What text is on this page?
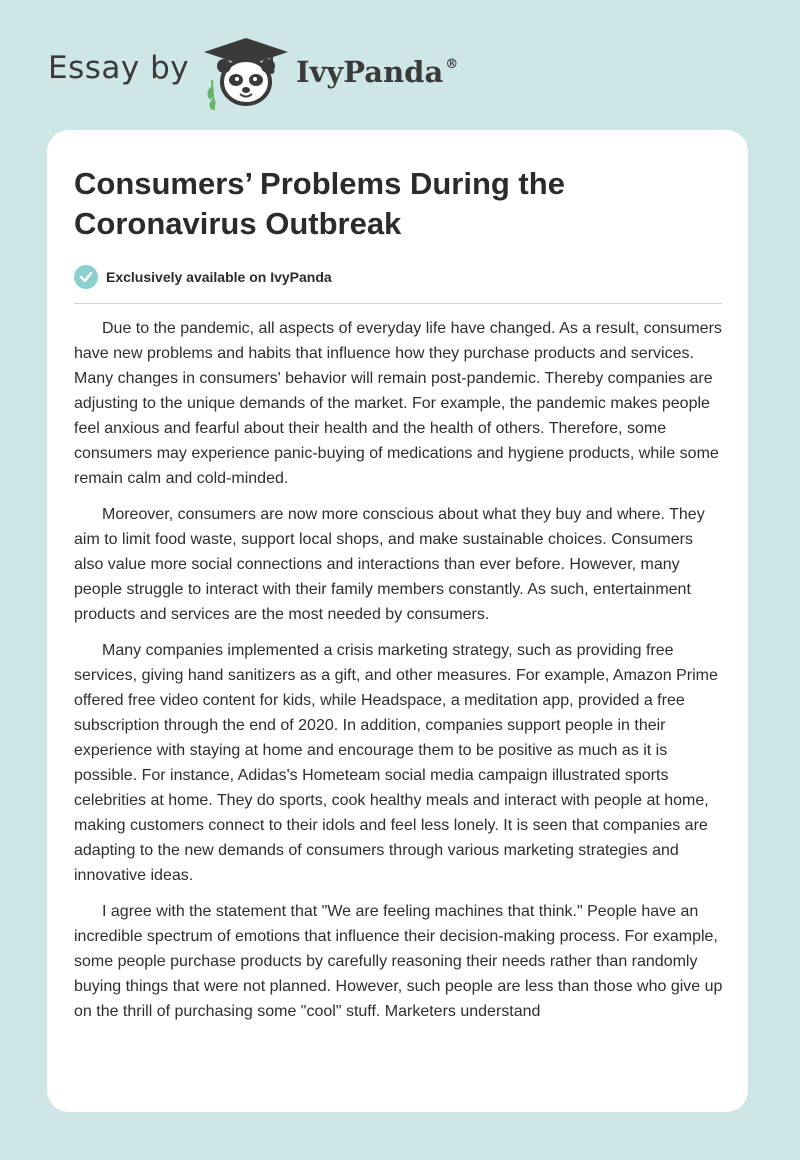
Essay by	IvyPanda ®
Consumers’ Problems During the Coronavirus Outbreak
Exclusively available on IvyPanda

Due to the pandemic, all aspects of everyday life have changed. As a result, consumers have new problems and habits that influence how they purchase products and services. Many changes in consumers' behavior will remain post-pandemic. Thereby companies are adjusting to the unique demands of the market. For example, the pandemic makes people feel anxious and fearful about their health and the health of others. Therefore, some consumers may experience panic-buying of medications and hygiene products, while some remain calm and cold-minded.

Moreover, consumers are now more conscious about what they buy and where. They aim to limit food waste, support local shops, and make sustainable choices. Consumers also value more social connections and interactions than ever before. However, many people struggle to interact with their family members constantly. As such, entertainment products and services are the most needed by consumers.

Many companies implemented a crisis marketing strategy, such as providing free services, giving hand sanitizers as a gift, and other measures. For example, Amazon Prime offered free video content for kids, while Headspace, a meditation app, provided a free subscription through the end of 2020. In addition, companies support people in their experience with staying at home and encourage them to be positive as much as it is possible. For instance, Adidas's Hometeam social media campaign illustrated sports celebrities at home. They do sports, cook healthy meals and interact with people at home, making customers connect to their idols and feel less lonely. It is seen that companies are adapting to the new demands of consumers through various marketing strategies and innovative ideas.

I agree with the statement that "We are feeling machines that think." People have an incredible spectrum of emotions that influence their decision-making process. For example, some people purchase products by carefully reasoning their needs rather than randomly buying things that were not planned. However, such people are less than those who give up on the thrill of purchasing some "cool" stuff. Marketers understand
